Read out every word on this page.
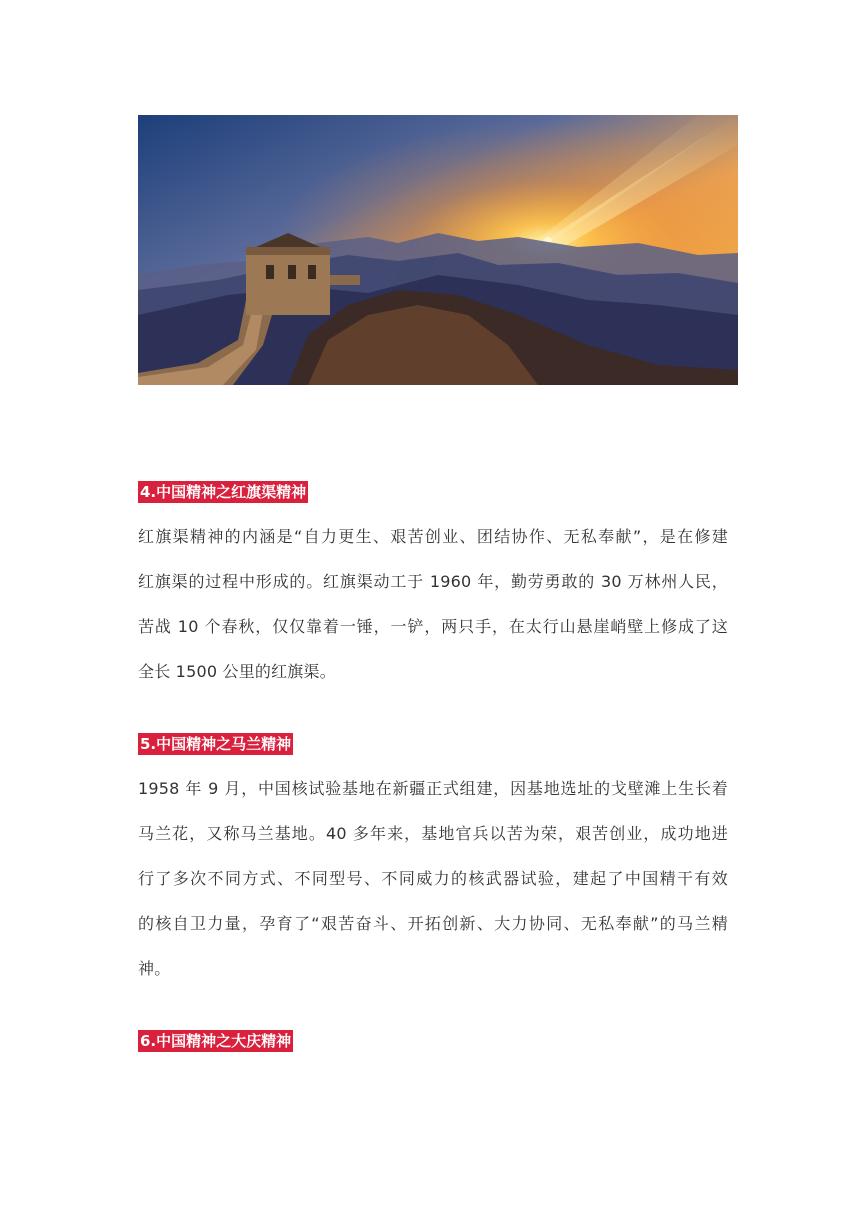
4.中国精神之红旗渠精神

红旗渠精神的内涵是“自力更生、艰苦创业、团结协作、无私奉献”，是在修建
红旗渠的过程中形成的。红旗渠动工于 1960 年，勤劳勇敢的 30 万林州人民，
苦战 10 个春秋，仅仅靠着一锤，一铲，两只手，在太行山悬崖峭壁上修成了这
全长 1500 公里的红旗渠。

5.中国精神之马兰精神

1958 年 9 月，中国核试验基地在新疆正式组建，因基地选址的戈壁滩上生长着
马兰花，又称马兰基地。40 多年来，基地官兵以苦为荣，艰苦创业，成功地进
行了多次不同方式、不同型号、不同威力的核武器试验，建起了中国精干有效
的核自卫力量，孕育了“艰苦奋斗、开拓创新、大力协同、无私奉献”的马兰精
神。

6.中国精神之大庆精神
